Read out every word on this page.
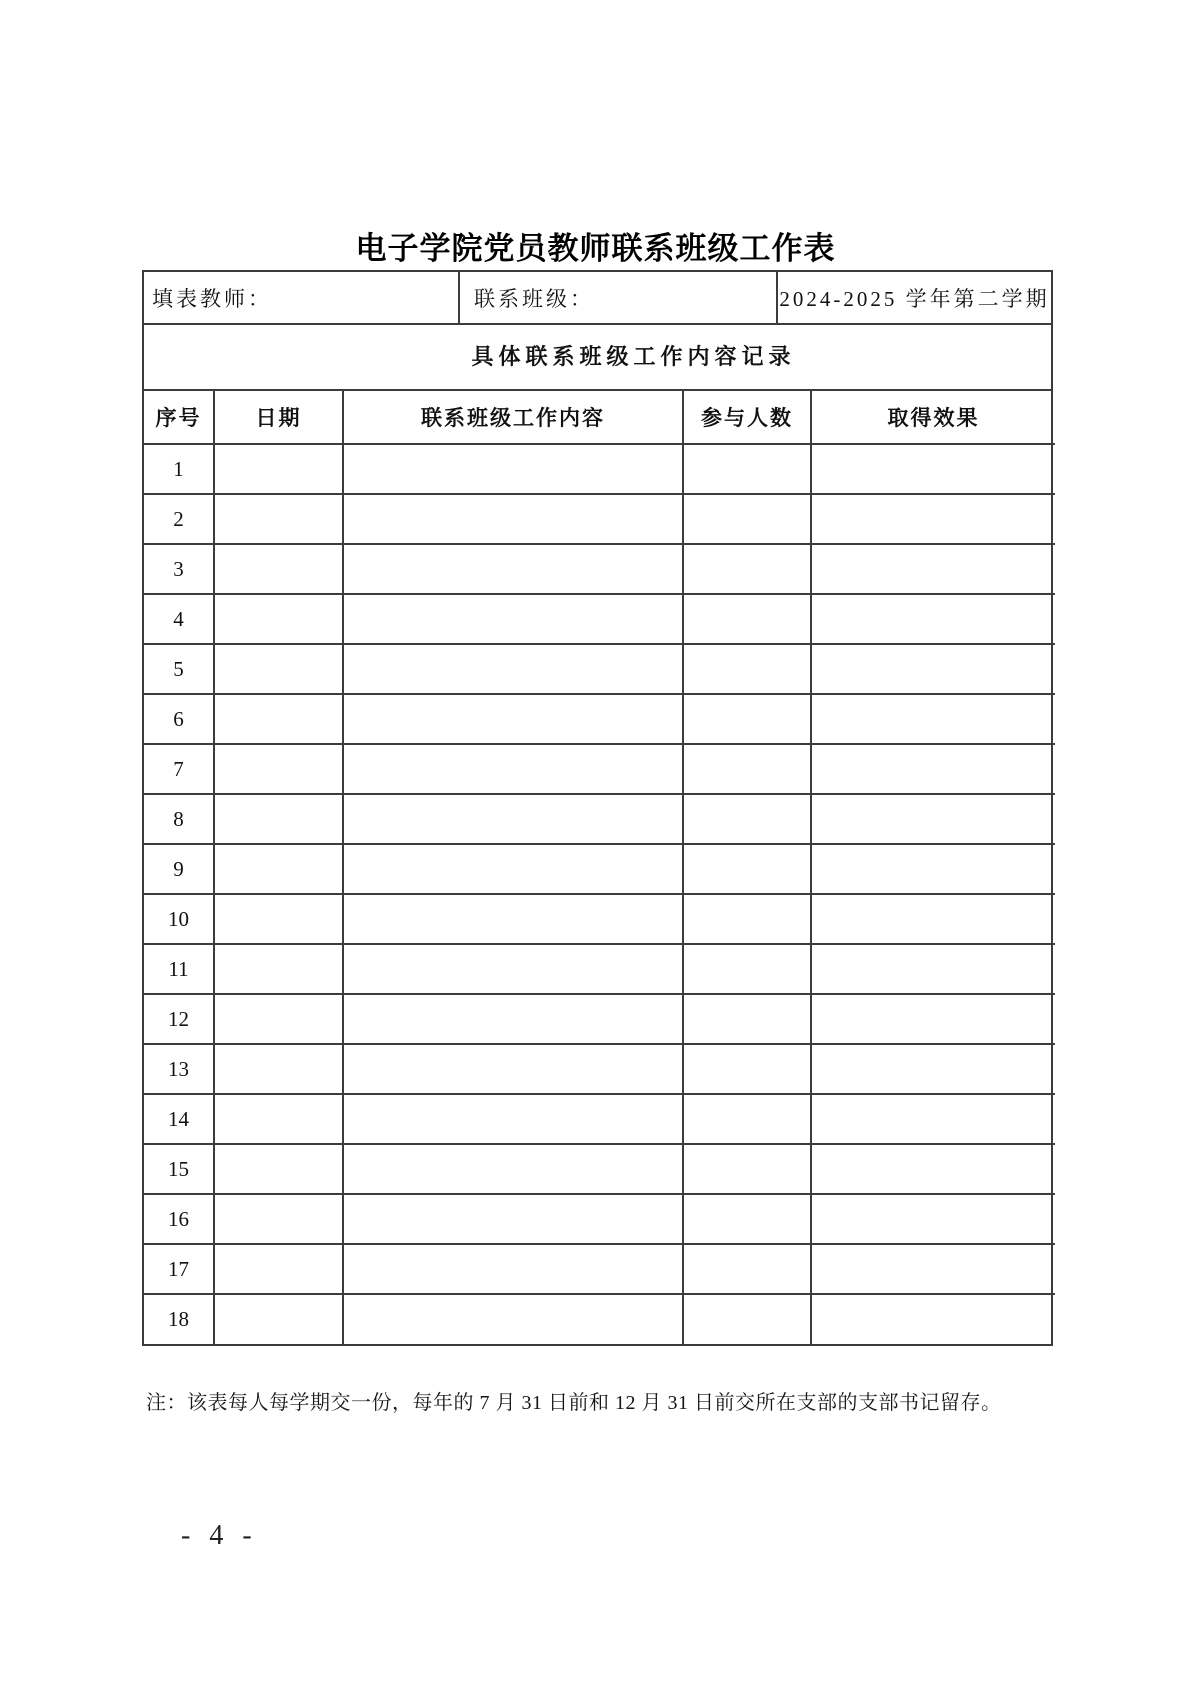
电子学院党员教师联系班级工作表
填表教师：	联系班级：	2024-2025 学年第二学期
具体联系班级工作内容记录
序号	日期	联系班级工作内容	参与人数	取得效果
1				
2				
3				
4				
5				
6				
7				
8				
9				
10				
11				
12				
13				
14				
15				
16				
17				
18				

注：该表每人每学期交一份，每年的 7 月 31 日前和 12 月 31 日前交所在支部的支部书记留存。

- 4 -
